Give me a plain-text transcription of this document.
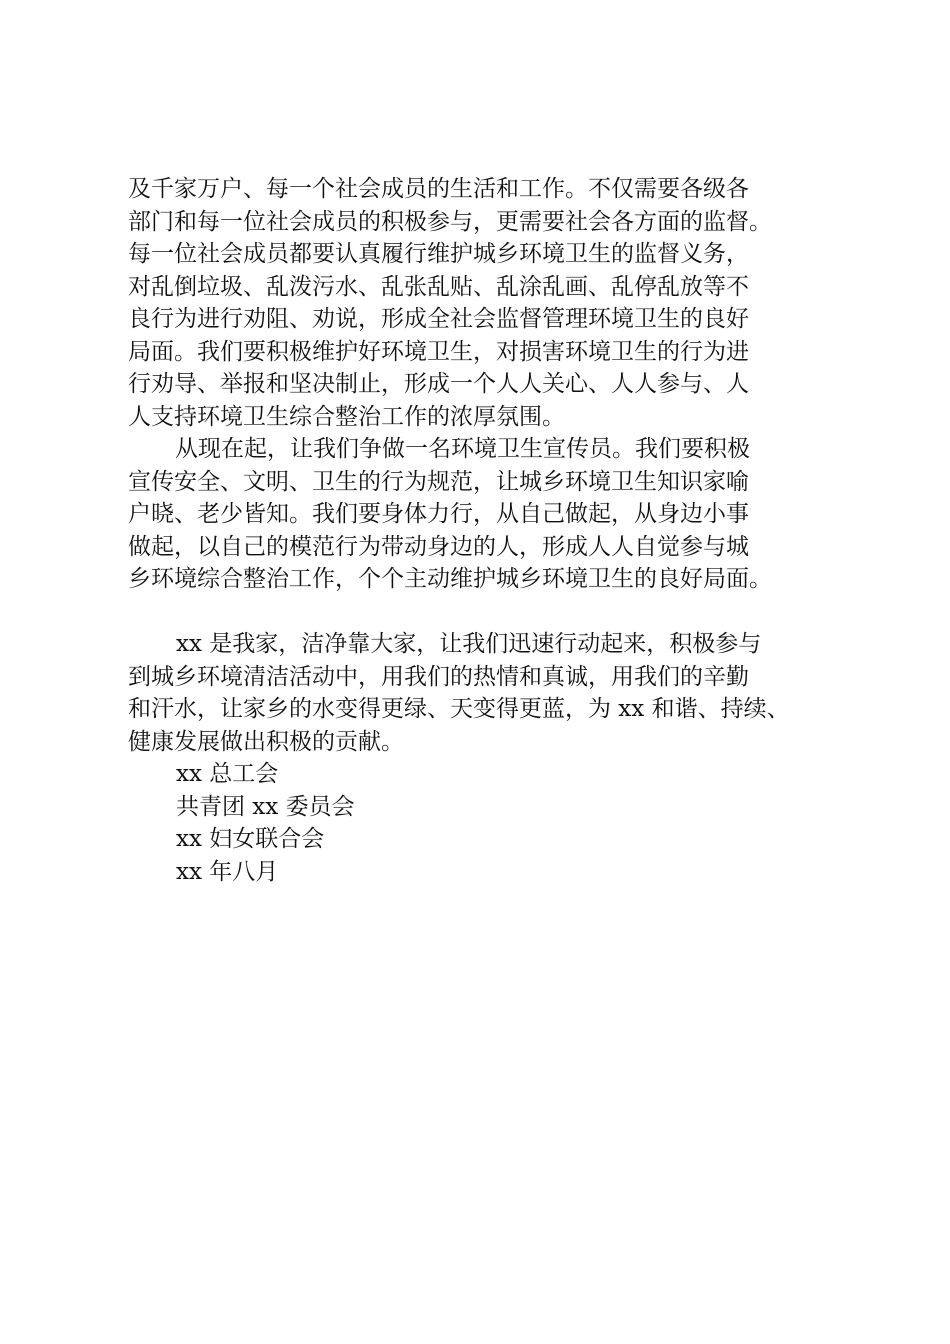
及千家万户、每一个社会成员的生活和工作。不仅需要各级各
部门和每一位社会成员的积极参与，更需要社会各方面的监督。
每一位社会成员都要认真履行维护城乡环境卫生的监督义务，
对乱倒垃圾、乱泼污水、乱张乱贴、乱涂乱画、乱停乱放等不
良行为进行劝阻、劝说，形成全社会监督管理环境卫生的良好
局面。我们要积极维护好环境卫生，对损害环境卫生的行为进
行劝导、举报和坚决制止，形成一个人人关心、人人参与、人
人支持环境卫生综合整治工作的浓厚氛围。
从现在起，让我们争做一名环境卫生宣传员。我们要积极
宣传安全、文明、卫生的行为规范，让城乡环境卫生知识家喻
户晓、老少皆知。我们要身体力行，从自己做起，从身边小事
做起，以自己的模范行为带动身边的人，形成人人自觉参与城
乡环境综合整治工作，个个主动维护城乡环境卫生的良好局面。
xx 是我家，洁净靠大家，让我们迅速行动起来，积极参与
到城乡环境清洁活动中，用我们的热情和真诚，用我们的辛勤
和汗水，让家乡的水变得更绿、天变得更蓝，为 xx 和谐、持续、
健康发展做出积极的贡献。
xx 总工会
共青团 xx 委员会
xx 妇女联合会
xx 年八月
